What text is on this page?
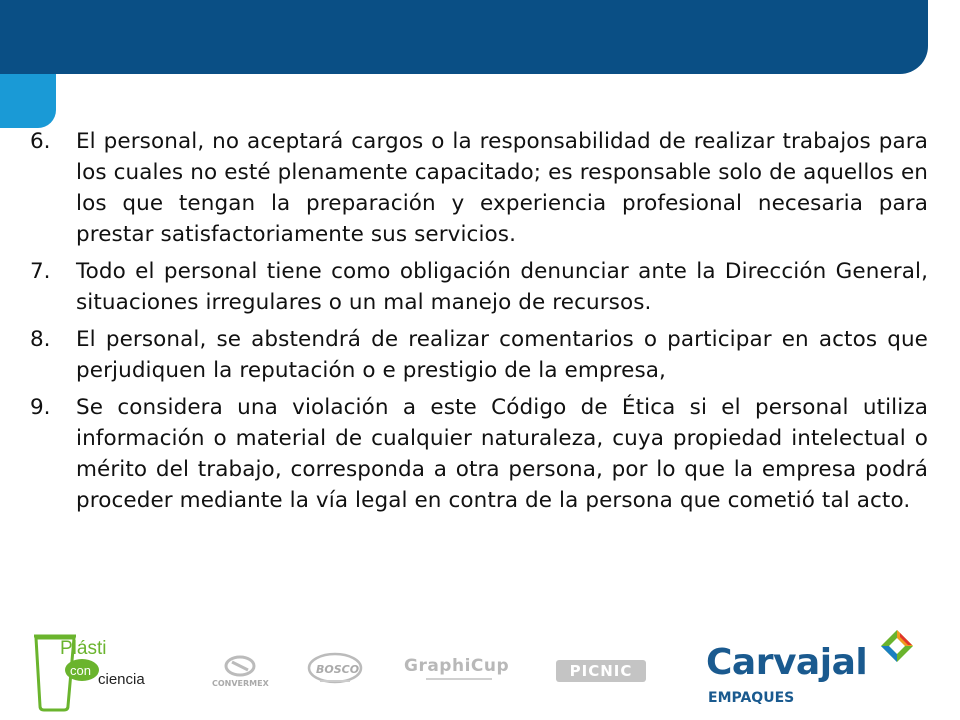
6.	El personal, no aceptará cargos o la responsabilidad de realizar trabajos para los cuales no esté plenamente capacitado; es responsable solo de aquellos en los que tengan la preparación y experiencia profesional necesaria para prestar satisfactoriamente sus servicios.
7.	Todo el personal tiene como obligación denunciar ante la Dirección General, situaciones irregulares o un mal manejo de recursos.
8.	El personal, se abstendrá de realizar comentarios o participar en actos que perjudiquen la reputación o e prestigio de la empresa,
9.	Se considera una violación a este Código de Ética si el personal utiliza información o material de cualquier naturaleza, cuya propiedad intelectual o mérito del trabajo, corresponda a otra persona, por lo que la empresa podrá proceder mediante la vía legal en contra de la persona que cometió tal acto.
Plásti
con
ciencia	CONVERMEX
BOSCO	GraphiCup	PICNIC	Carvajal
EMPAQUES
